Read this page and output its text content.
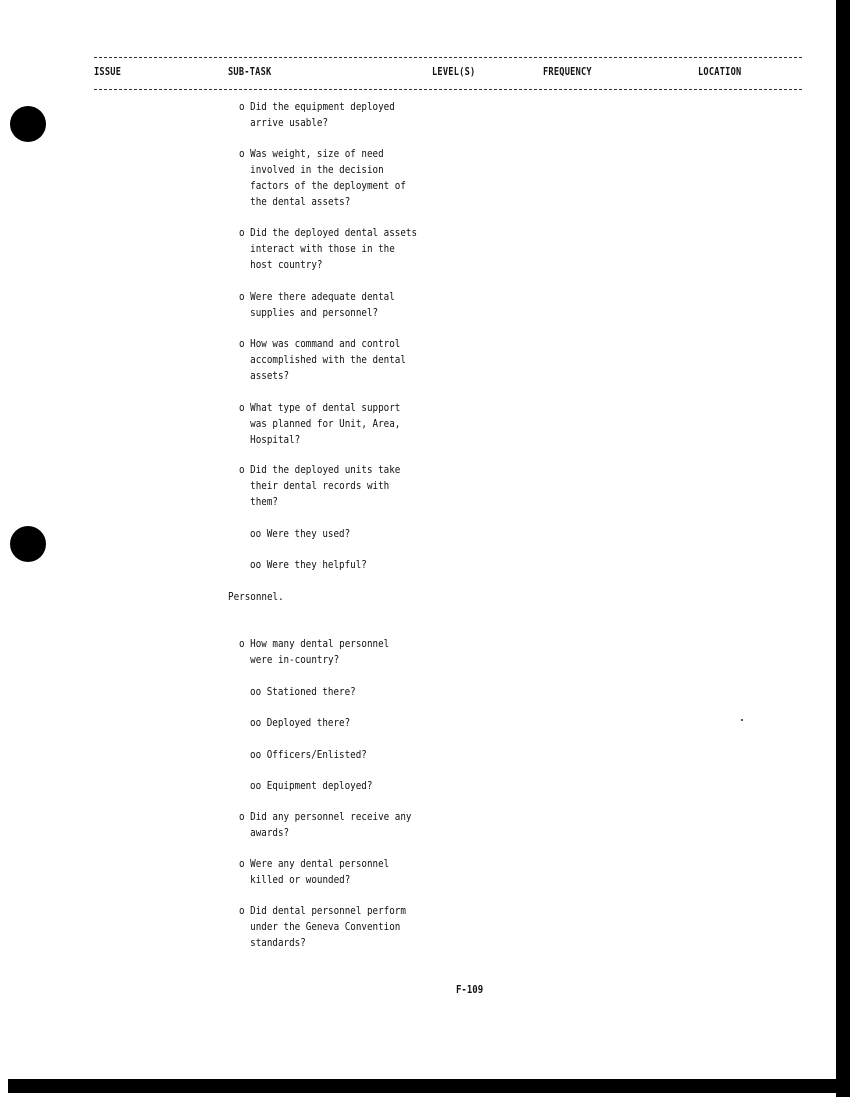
ISSUE	SUB-TASK	LEVEL(S)	FREQUENCY	LOCATION
o Did the equipment deployed
arrive usable?
o Was weight, size of need
involved in the decision
factors of the deployment of
the dental assets?
o Did the deployed dental assets
interact with those in the
host country?
o Were there adequate dental
supplies and personnel?
o How was command and control
accomplished with the dental
assets?
o What type of dental support
was planned for Unit, Area,
Hospital?
o Did the deployed units take
their dental records with
them?
oo Were they used?
oo Were they helpful?
Personnel.
o How many dental personnel
were in-country?
oo Stationed there?
oo Deployed there?
oo Officers/Enlisted?
oo Equipment deployed?
o Did any personnel receive any
awards?
o Were any dental personnel
killed or wounded?
o Did dental personnel perform
under the Geneva Convention
standards?
F-109
